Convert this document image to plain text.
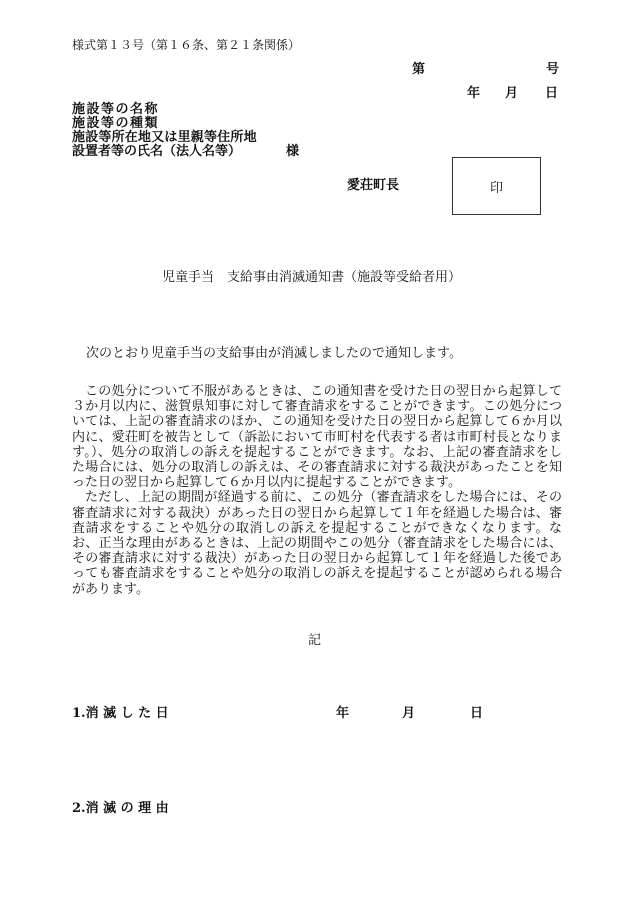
様式第１３号（第１６条、第２１条関係）
第	号
年 月 日
施設等の名称
施設等の種類
施設等所在地又は里親等住所地
設置者等の氏名（法人名等）	様
愛荘町長	印
児童手当　支給事由消滅通知書（施設等受給者用）
次のとおり児童手当の支給事由が消滅しましたので通知します。

この処分について不服があるときは、この通知書を受けた日の翌日から起算して３か月以内に、滋賀県知事に対して審査請求をすることができます。この処分については、上記の審査請求のほか、この通知を受けた日の翌日から起算して６か月以内に、愛荘町を被告として（訴訟において市町村を代表する者は市町村長となります。）、処分の取消しの訴えを提起することができます。なお、上記の審査請求をした場合には、処分の取消しの訴えは、その審査請求に対する裁決があったことを知った日の翌日から起算して６か月以内に提起することができます。

ただし、上記の期間が経過する前に、この処分（審査請求をした場合には、その審査請求に対する裁決）があった日の翌日から起算して１年を経過した場合は、審査請求をすることや処分の取消しの訴えを提起することができなくなります。なお、正当な理由があるときは、上記の期間やこの処分（審査請求をした場合には、その審査請求に対する裁決）があった日の翌日から起算して１年を経過した後であっても審査請求をすることや処分の取消しの訴えを提起することが認められる場合があります。

記
1.消 滅 し た 日	年	月	日
2.消 滅 の 理 由
